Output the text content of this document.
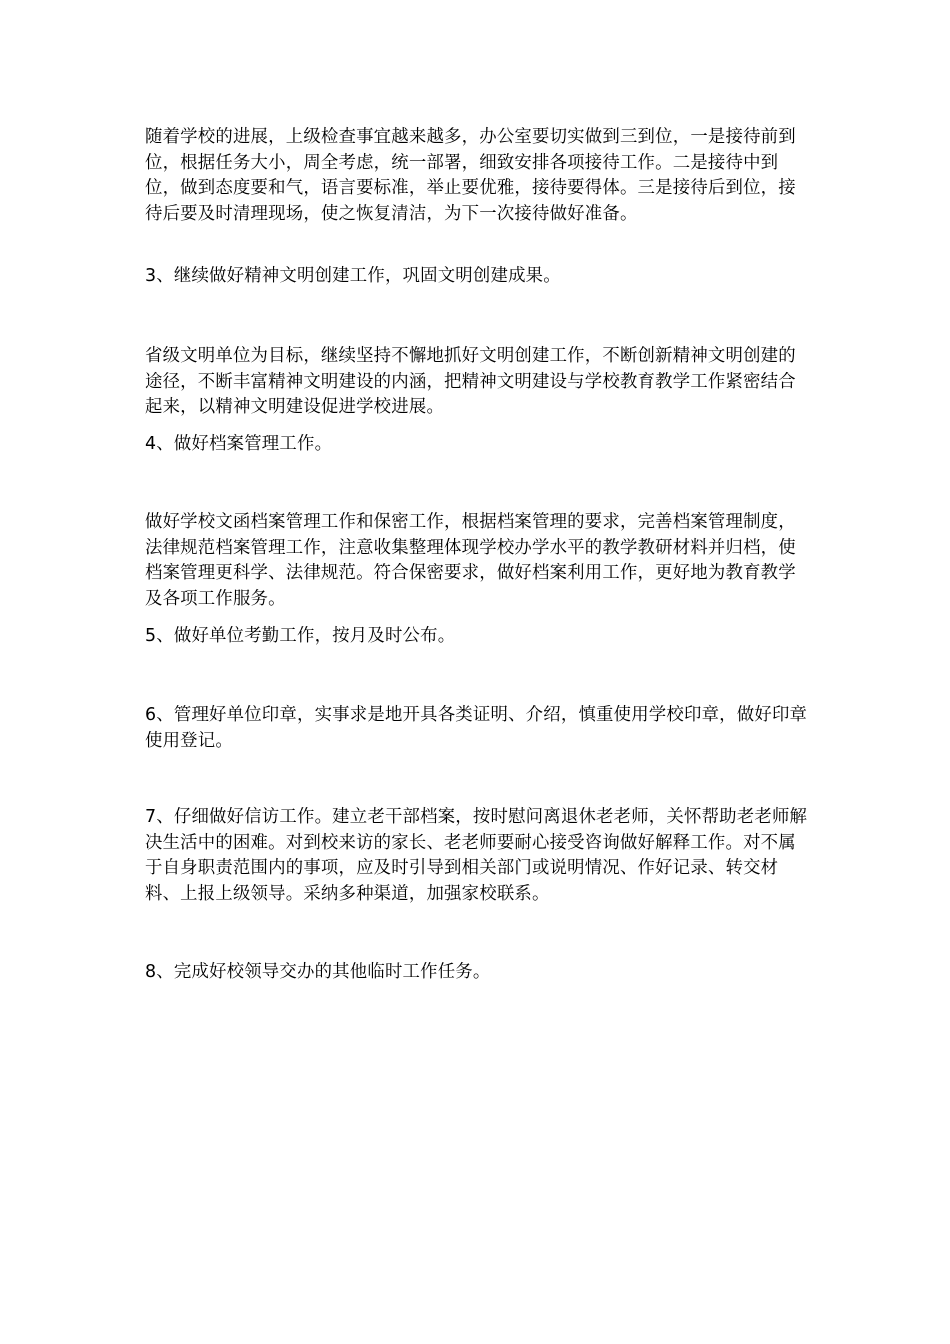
随着学校的进展，上级检查事宜越来越多，办公室要切实做到三到位，一是接待前到位，根据任务大小，周全考虑，统一部署，细致安排各项接待工作。二是接待中到位，做到态度要和气，语言要标准，举止要优雅，接待要得体。三是接待后到位，接待后要及时清理现场，使之恢复清洁，为下一次接待做好准备。

3、继续做好精神文明创建工作，巩固文明创建成果。

省级文明单位为目标，继续坚持不懈地抓好文明创建工作，不断创新精神文明创建的途径，不断丰富精神文明建设的内涵，把精神文明建设与学校教育教学工作紧密结合起来，以精神文明建设促进学校进展。

4、做好档案管理工作。

做好学校文函档案管理工作和保密工作，根据档案管理的要求，完善档案管理制度，法律规范档案管理工作，注意收集整理体现学校办学水平的教学教研材料并归档，使档案管理更科学、法律规范。符合保密要求，做好档案利用工作，更好地为教育教学及各项工作服务。

5、做好单位考勤工作，按月及时公布。

6、管理好单位印章，实事求是地开具各类证明、介绍，慎重使用学校印章，做好印章使用登记。

7、仔细做好信访工作。建立老干部档案，按时慰问离退休老老师，关怀帮助老老师解决生活中的困难。对到校来访的家长、老老师要耐心接受咨询做好解释工作。对不属于自身职责范围内的事项，应及时引导到相关部门或说明情况、作好记录、转交材料、上报上级领导。采纳多种渠道，加强家校联系。

8、完成好校领导交办的其他临时工作任务。
